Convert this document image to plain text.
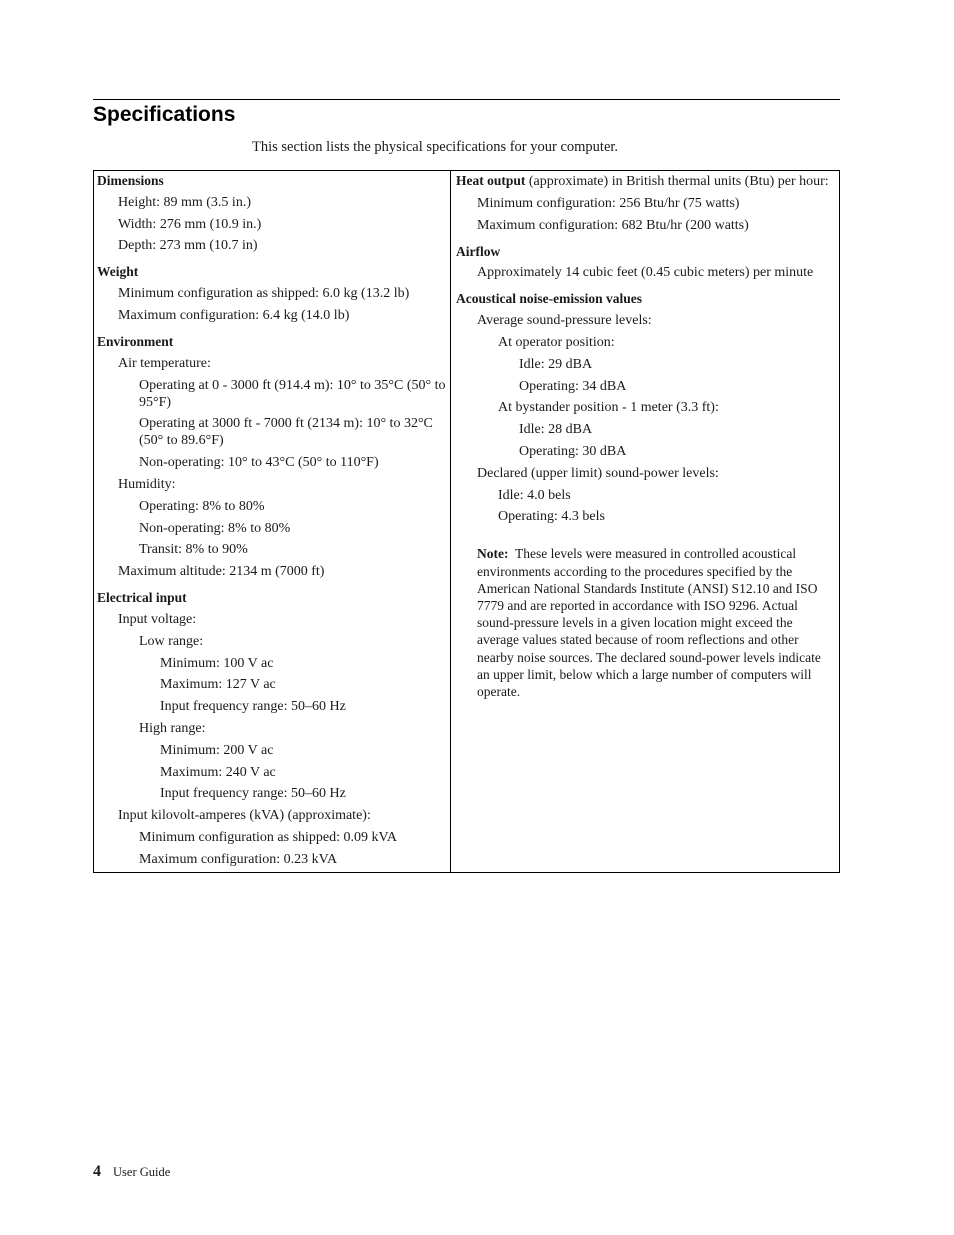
Specifications

This section lists the physical specifications for your computer.

Dimensions
Height: 89 mm (3.5 in.)
Width: 276 mm (10.9 in.)
Depth: 273 mm (10.7 in)
Weight
Minimum configuration as shipped: 6.0 kg (13.2 lb)
Maximum configuration: 6.4 kg (14.0 lb)
Environment
Air temperature:
Operating at 0 - 3000 ft (914.4 m): 10° to 35°C (50° to 95°F)
Operating at 3000 ft - 7000 ft (2134 m): 10° to 32°C (50° to 89.6°F)
Non-operating: 10° to 43°C (50° to 110°F)
Humidity:
Operating: 8% to 80%
Non-operating: 8% to 80%
Transit: 8% to 90%
Maximum altitude: 2134 m (7000 ft)
Electrical input
Input voltage:
Low range:
Minimum: 100 V ac
Maximum: 127 V ac
Input frequency range: 50–60 Hz
High range:
Minimum: 200 V ac
Maximum: 240 V ac
Input frequency range: 50–60 Hz
Input kilovolt-amperes (kVA) (approximate):
Minimum configuration as shipped: 0.09 kVA
Maximum configuration: 0.23 kVA
Heat output (approximate) in British thermal units (Btu) per hour:
Minimum configuration: 256 Btu/hr (75 watts)
Maximum configuration: 682 Btu/hr (200 watts)
Airflow
Approximately 14 cubic feet (0.45 cubic meters) per minute
Acoustical noise-emission values
Average sound-pressure levels:
At operator position:
Idle: 29 dBA
Operating: 34 dBA
At bystander position - 1 meter (3.3 ft):
Idle: 28 dBA
Operating: 30 dBA
Declared (upper limit) sound-power levels:
Idle: 4.0 bels
Operating: 4.3 bels

Note: These levels were measured in controlled acoustical environments according to the procedures specified by the American National Standards Institute (ANSI) S12.10 and ISO 7779 and are reported in accordance with ISO 9296. Actual sound-pressure levels in a given location might exceed the average values stated because of room reflections and other nearby noise sources. The declared sound-power levels indicate an upper limit, below which a large number of computers will operate.

4 User Guide
